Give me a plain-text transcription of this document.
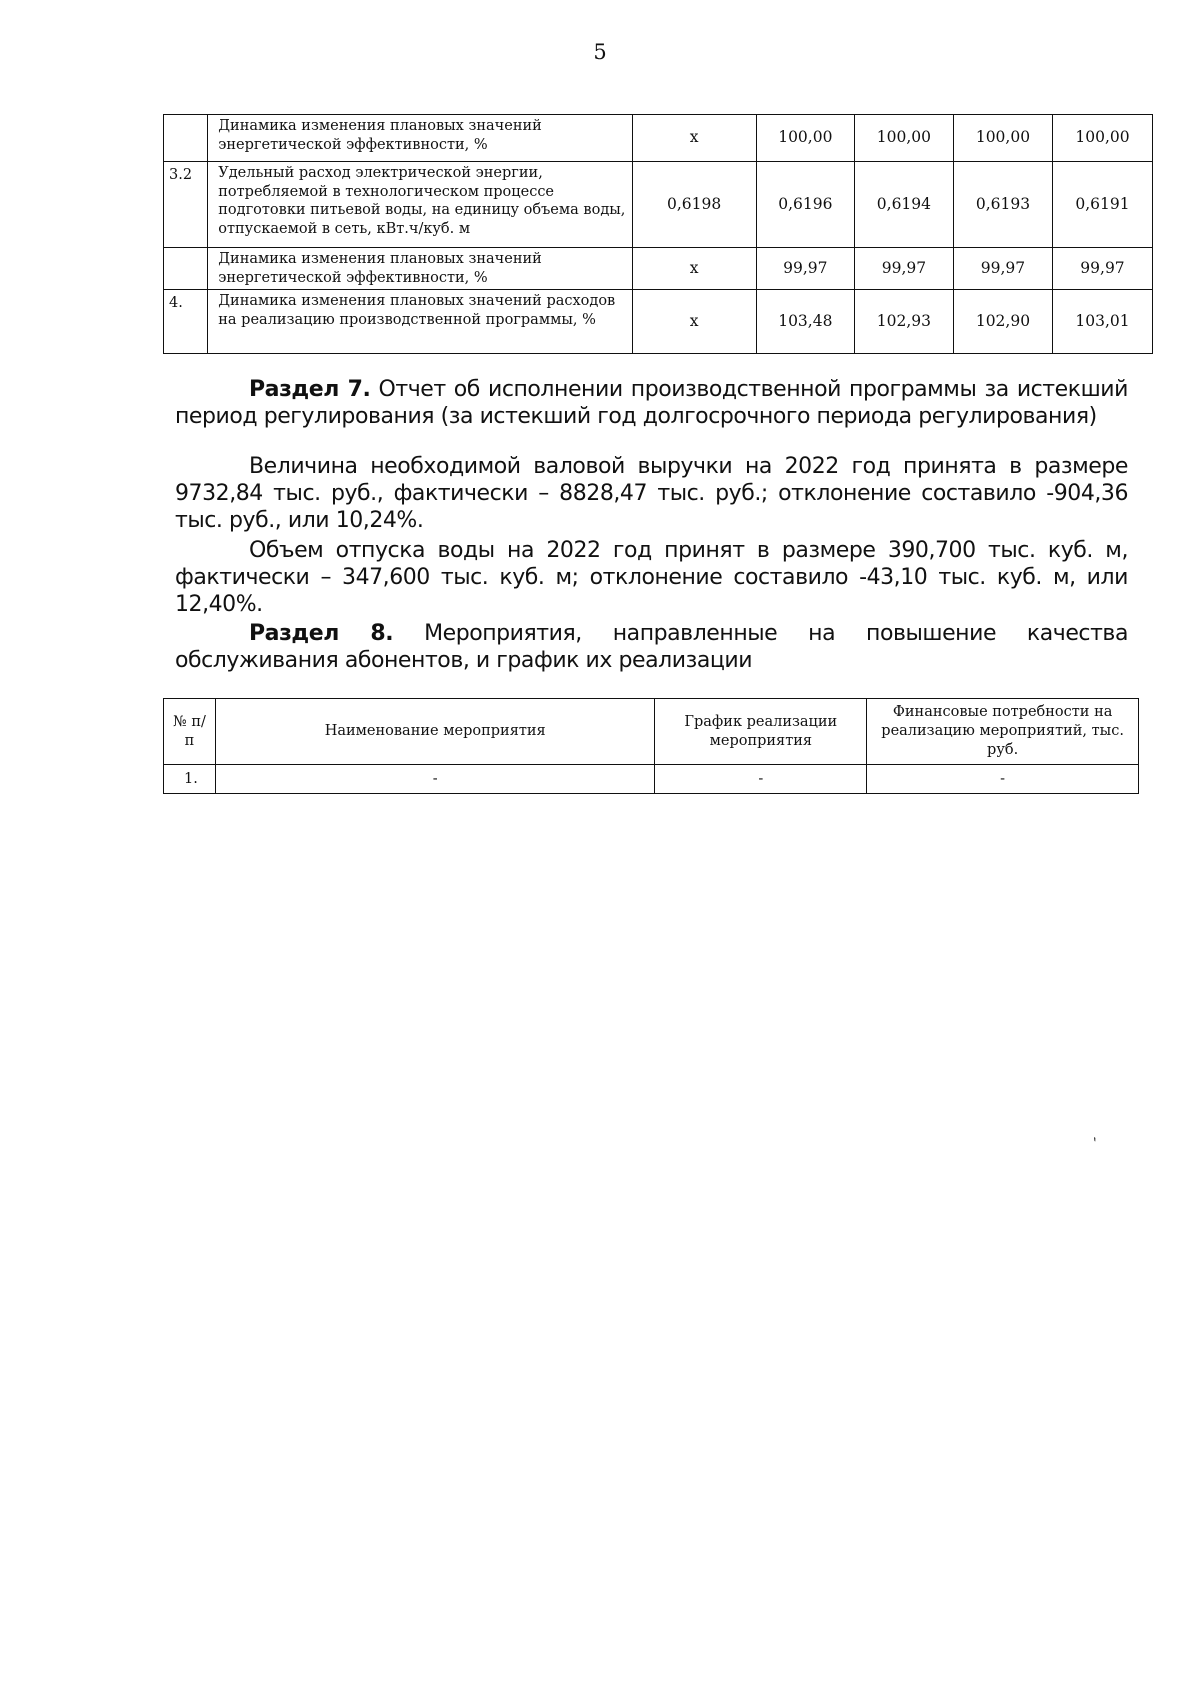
5
	Динамика изменения плановых значений энергетической эффективности, %	x	100,00	100,00	100,00	100,00
3.2	Удельный расход электрической энергии, потребляемой в технологическом процессе подготовки питьевой воды, на единицу объема воды, отпускаемой в сеть, кВт.ч/куб. м	0,6198	0,6196	0,6194	0,6193	0,6191
	Динамика изменения плановых значений энергетической эффективности, %	x	99,97	99,97	99,97	99,97
4.	Динамика изменения плановых значений расходов на реализацию производственной программы, %	x	103,48	102,93	102,90	103,01
Раздел 7. Отчет об исполнении производственной программы за истекший период регулирования (за истекший год долгосрочного периода регулирования)
Величина необходимой валовой выручки на 2022 год принята в размере 9732,84 тыс. руб., фактически – 8828,47 тыс. руб.; отклонение составило -904,36 тыс. руб., или 10,24%.
Объем отпуска воды на 2022 год принят в размере 390,700 тыс. куб. м, фактически – 347,600 тыс. куб. м; отклонение составило -43,10 тыс. куб. м, или 12,40%.
Раздел 8. Мероприятия, направленные на повышение качества обслуживания абонентов, и график их реализации
№ п/п	Наименование мероприятия	График реализации мероприятия	Финансовые потребности на реализацию мероприятий, тыс. руб.
1.	-	-	-
ˋ
